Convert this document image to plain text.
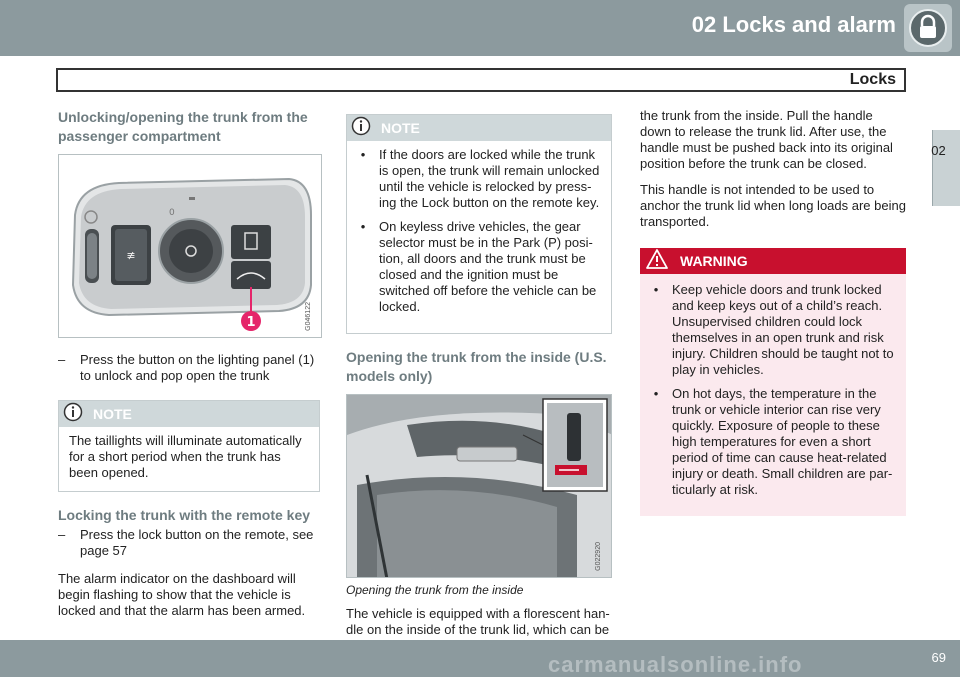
02 Locks and alarm
Locks
02
Unlocking/opening the trunk from the passenger compartment
≢
0
1	G046122
–	Press the button on the lighting panel (1) to unlock and pop open the trunk
NOTE
The taillights will illuminate automatically for a short period when the trunk has been opened.
Locking the trunk with the remote key
–	Press the lock button on the remote, see page 57

The alarm indicator on the dashboard will begin flashing to show that the vehicle is locked and that the alarm has been armed.

NOTE
• If the doors are locked while the trunk is open, the trunk will remain unlocked until the vehicle is relocked by press-ing the Lock button on the remote key.
• On keyless drive vehicles, the gear selector must be in the Park (P) posi-tion, all doors and the trunk must be closed and the ignition must be switched off before the vehicle can be locked.
Opening the trunk from the inside (U.S. models only)
G022920
Opening the trunk from the inside

The vehicle is equipped with a florescent han-dle on the inside of the trunk lid, which can be

the trunk from the inside. Pull the handle down to release the trunk lid. After use, the handle must be pushed back into its original position before the trunk can be closed.

This handle is not intended to be used to anchor the trunk lid when long loads are being transported.

WARNING
• Keep vehicle doors and trunk locked and keep keys out of a child’s reach. Unsupervised children could lock themselves in an open trunk and risk injury. Children should be taught not to play in vehicles.
• On hot days, the temperature in the trunk or vehicle interior can rise very quickly. Exposure of people to these high temperatures for even a short period of time can cause heat-related injury or death. Small children are par-ticularly at risk.
69
carmanualsonline.info
